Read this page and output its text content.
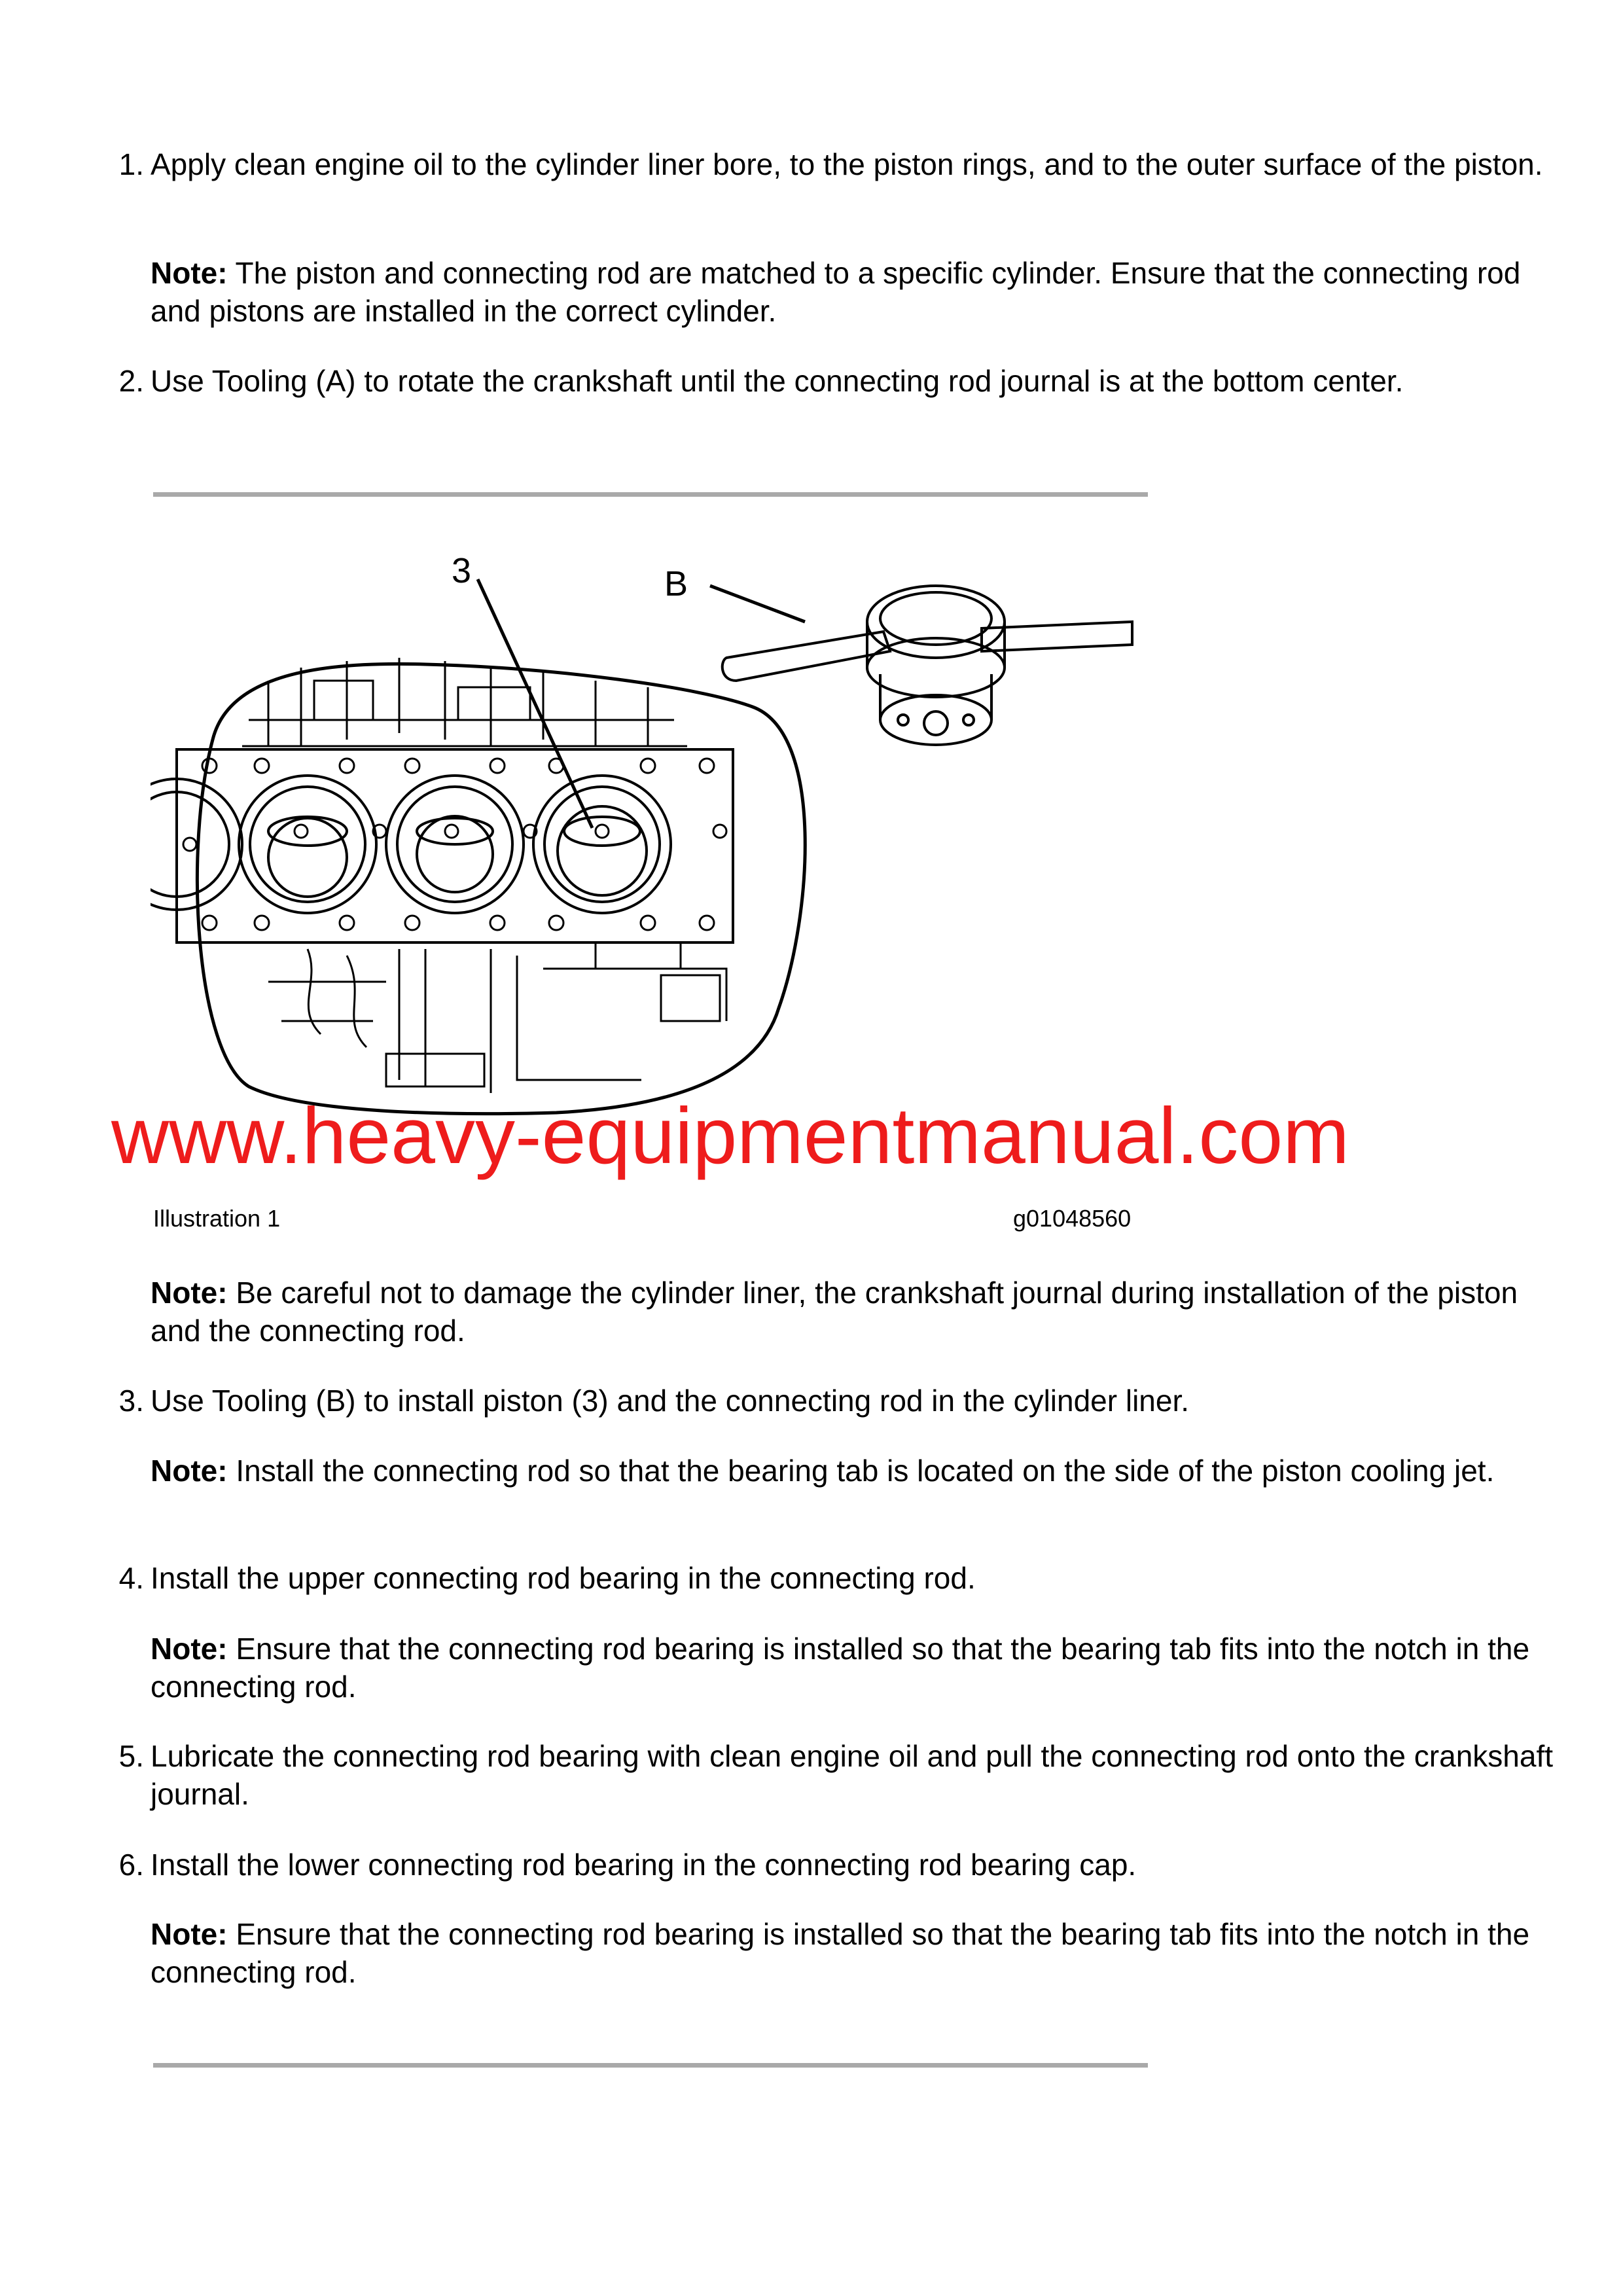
1. Apply clean engine oil to the cylinder liner bore, to the piston rings, and to the outer surface of the piston.
Note: The piston and connecting rod are matched to a specific cylinder. Ensure that the connecting rod and pistons are installed in the correct cylinder.
2. Use Tooling (A) to rotate the crankshaft until the connecting rod journal is at the bottom center.
3	B
www.heavy-equipmentmanual.com
Illustration 1	g01048560
Note: Be careful not to damage the cylinder liner, the crankshaft journal during installation of the piston and the connecting rod.
3. Use Tooling (B) to install piston (3) and the connecting rod in the cylinder liner.
Note: Install the connecting rod so that the bearing tab is located on the side of the piston cooling jet.
4. Install the upper connecting rod bearing in the connecting rod.
Note: Ensure that the connecting rod bearing is installed so that the bearing tab fits into the notch in the connecting rod.
5. Lubricate the connecting rod bearing with clean engine oil and pull the connecting rod onto the crankshaft journal.
6. Install the lower connecting rod bearing in the connecting rod bearing cap.
Note: Ensure that the connecting rod bearing is installed so that the bearing tab fits into the notch in the connecting rod.
